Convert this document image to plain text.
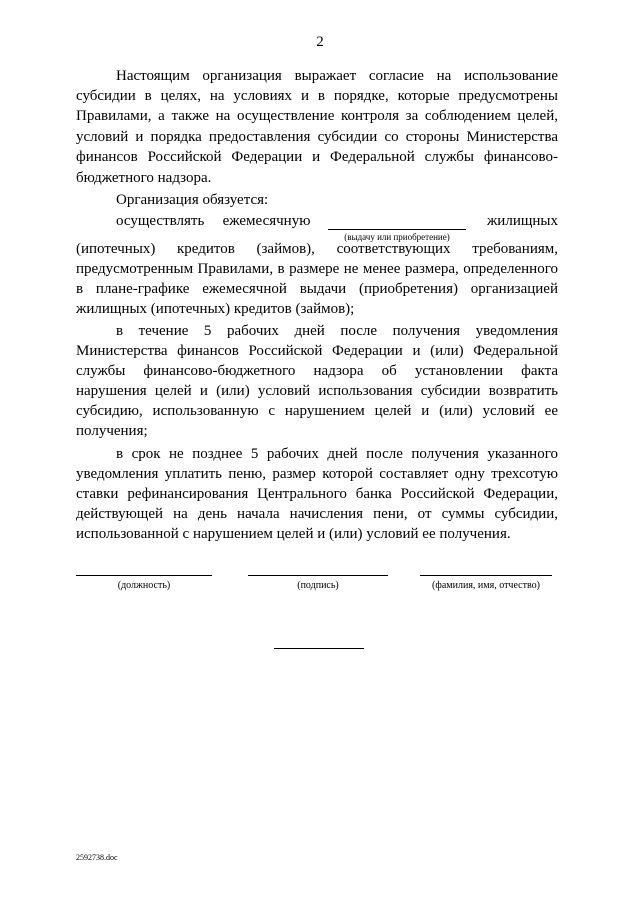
2
Настоящим организация выражает согласие на использование
субсидии в целях, на условиях и в порядке, которые предусмотрены
Правилами, а также на осуществление контроля за соблюдением целей,
условий и порядка предоставления субсидии со стороны Министерства
финансов Российской Федерации и Федеральной службы финансово-
бюджетного надзора.
Организация обязуется:
осуществлять ежемесячную	жилищных
(выдачу или приобретение)
(ипотечных) кредитов (займов), соответствующих требованиям,
предусмотренным Правилами, в размере не менее размера, определенного
в плане-графике ежемесячной выдачи (приобретения) организацией
жилищных (ипотечных) кредитов (займов);
в течение 5 рабочих дней после получения уведомления
Министерства финансов Российской Федерации и (или) Федеральной
службы финансово-бюджетного надзора об установлении факта
нарушения целей и (или) условий использования субсидии возвратить
субсидию, использованную с нарушением целей и (или) условий ее
получения;
в срок не позднее 5 рабочих дней после получения указанного
уведомления уплатить пеню, размер которой составляет одну трехсотую
ставки рефинансирования Центрального банка Российской Федерации,
действующей на день начала начисления пени, от суммы субсидии,
использованной с нарушением целей и (или) условий ее получения.
(должность)	(подпись)	(фамилия, имя, отчество)
2592738.doc
